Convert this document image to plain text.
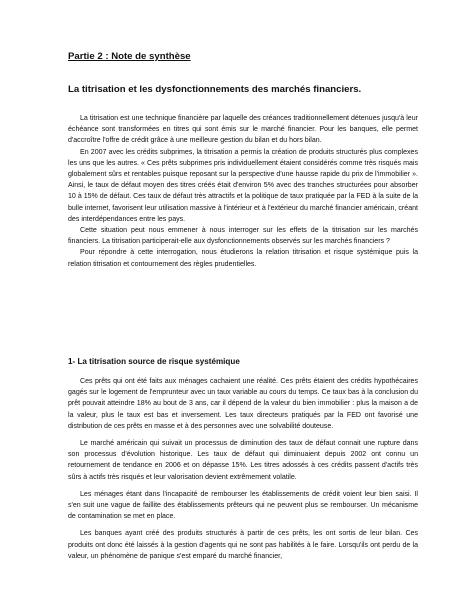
Partie 2 : Note de synthèse
La titrisation et les dysfonctionnements des marchés financiers.

La titrisation est une technique financière par laquelle des créances traditionnellement détenues jusqu'à leur échéance sont transformées en titres qui sont émis sur le marché financier. Pour les banques, elle permet d'accroître l'offre de crédit grâce à une meilleure gestion du bilan et du hors bilan.

En 2007 avec les crédits subprimes, la titrisation a permis la création de produits structurés plus complexes les uns que les autres. « Ces prêts subprimes pris individuellement étaient considérés comme très risqués mais globalement sûrs et rentables puisque reposant sur la perspective d'une hausse rapide du prix de l'immobilier ». Ainsi, le taux de défaut moyen des titres créés était d'environ 5% avec des tranches structurées pour absorber 10 à 15% de défaut. Ces taux de défaut très attractifs et la politique de taux pratiquée par la FED à la suite de la bulle internet, favorisent leur utilisation massive à l'intérieur et à l'extérieur du marché financier américain, créant des interdépendances entre les pays.

Cette situation peut nous emmener à nous interroger sur les effets de la titrisation sur les marchés financiers. La titrisation participerait-elle aux dysfonctionnements observés sur les marchés financiers ?

Pour répondre à cette interrogation, nous étudierons la relation titrisation et risque systémique puis la relation titrisation et contournement des règles prudentielles.

1- La titrisation source de risque systémique

Ces prêts qui ont été faits aux ménages cachaient une réalité. Ces prêts étaient des crédits hypothécaires gagés sur le logement de l'emprunteur avec un taux variable au cours du temps. Ce taux bas à la conclusion du prêt pouvait atteindre 18% au bout de 3 ans, car il dépend de la valeur du bien immobilier : plus la maison a de la valeur, plus le taux est bas et inversement. Les taux directeurs pratiqués par la FED ont favorisé une distribution de ces prêts en masse et à des personnes avec une solvabilité douteuse.

Le marché américain qui suivait un processus de diminution des taux de défaut connait une rupture dans son processus d'évolution historique. Les taux de défaut qui diminuaient depuis 2002 ont connu un retournement de tendance en 2006 et on dépasse 15%. Les titres adossés à ces crédits passent d'actifs très sûrs à actifs très risqués et leur valorisation devient extrêmement volatile.

Les ménages étant dans l'incapacité de rembourser les établissements de crédit voient leur bien saisi. Il s'en suit une vague de faillite des établissements prêteurs qui ne peuvent plus se rembourser. Un mécanisme de contamination se met en place.

Les banques ayant créé des produits structurés à partir de ces prêts, les ont sortis de leur bilan. Ces produits ont donc été laissés à la gestion d'agents qui ne sont pas habilités à le faire. Lorsqu'ils ont perdu de la valeur, un phénomène de panique s'est emparé du marché financier,
